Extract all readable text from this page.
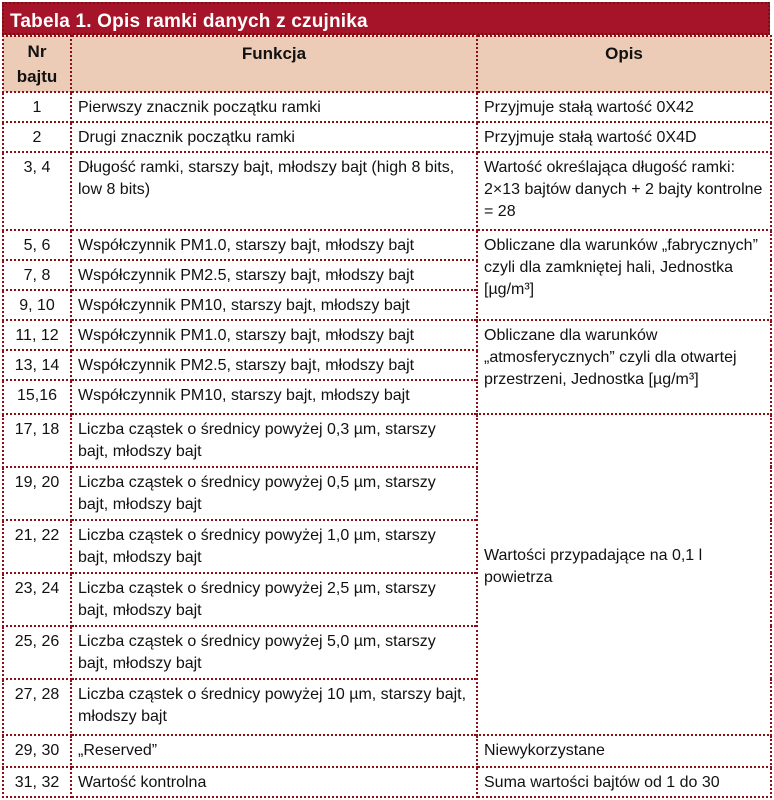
Tabela 1. Opis ramki danych z czujnika
Nr bajtu	Funkcja	Opis
1	Pierwszy znacznik początku ramki	Przyjmuje stałą wartość 0X42
2	Drugi znacznik początku ramki	Przyjmuje stałą wartość 0X4D
3, 4	Długość ramki, starszy bajt, młodszy bajt (high 8 bits, low 8 bits)	Wartość określająca długość ramki: 2×13 bajtów danych + 2 bajty kontrolne = 28
5, 6	Współczynnik PM1.0, starszy bajt, młodszy bajt	Obliczane dla warunków „fabrycznych” czyli dla zamkniętej hali, Jednostka [µg/m³]
7, 8	Współczynnik PM2.5, starszy bajt, młodszy bajt	
9, 10	Współczynnik PM10, starszy bajt, młodszy bajt	
11, 12	Współczynnik PM1.0, starszy bajt, młodszy bajt	Obliczane dla warunków „atmosferycznych” czyli dla otwartej przestrzeni, Jednostka [µg/m³]
13, 14	Współczynnik PM2.5, starszy bajt, młodszy bajt	
15,16	Współczynnik PM10, starszy bajt, młodszy bajt	
17, 18	Liczba cząstek o średnicy powyżej 0,3 µm, starszy bajt, młodszy bajt	Wartości przypadające na 0,1 l powietrza
19, 20	Liczba cząstek o średnicy powyżej 0,5 µm, starszy bajt, młodszy bajt	
21, 22	Liczba cząstek o średnicy powyżej 1,0 µm, starszy bajt, młodszy bajt	
23, 24	Liczba cząstek o średnicy powyżej 2,5 µm, starszy bajt, młodszy bajt	
25, 26	Liczba cząstek o średnicy powyżej 5,0 µm, starszy bajt, młodszy bajt	
27, 28	Liczba cząstek o średnicy powyżej 10 µm, starszy bajt, młodszy bajt	
29, 30	„Reserved”	Niewykorzystane
31, 32	Wartość kontrolna	Suma wartości bajtów od 1 do 30
